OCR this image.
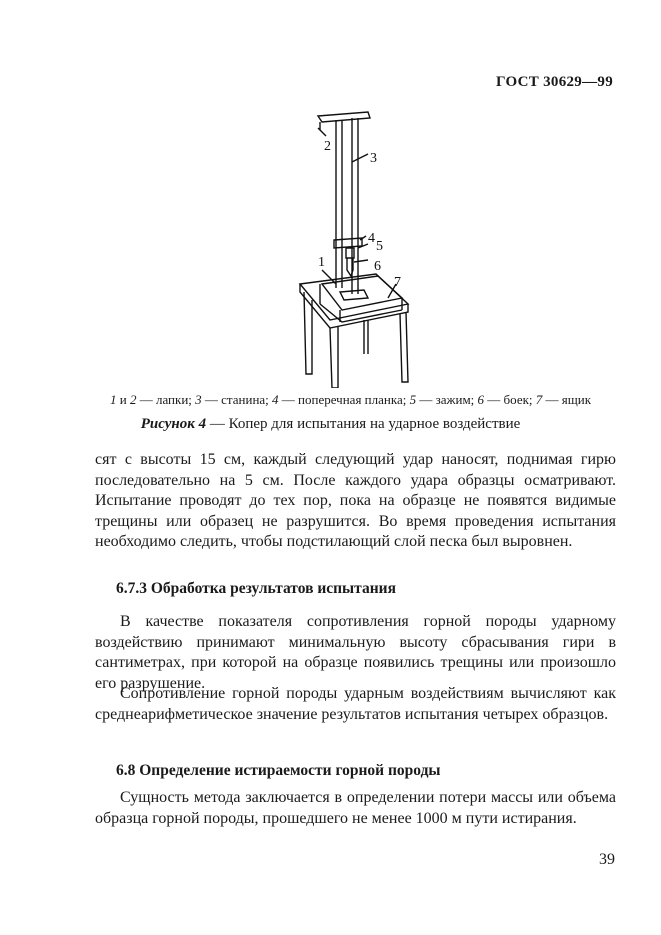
ГОСТ 30629—99
2
3
4
5
6
1
7
1 и 2 — лапки; 3 — станина; 4 — поперечная планка; 5 — зажим; 6 — боек; 7 — ящик
Рисунок 4 — Копер для испытания на ударное воздействие
сят с высоты 15 см, каждый следующий удар наносят, поднимая гирю последовательно на 5 см. После каждого удара образцы осматривают. Испытание проводят до тех пор, пока на образце не появятся видимые трещины или образец не разрушится. Во время проведения испытания необходимо следить, чтобы подстилающий слой песка был выровнен.
6.7.3 Обработка результатов испытания
В качестве показателя сопротивления горной породы ударному воздействию принимают минимальную высоту сбрасывания гири в сантиметрах, при которой на образце появились трещины или произошло его разрушение.
Сопротивление горной породы ударным воздействиям вычисляют как среднеарифметическое значение результатов испытания четырех образцов.
6.8 Определение истираемости горной породы
Сущность метода заключается в определении потери массы или объема образца горной породы, прошедшего не менее 1000 м пути истирания.
39
